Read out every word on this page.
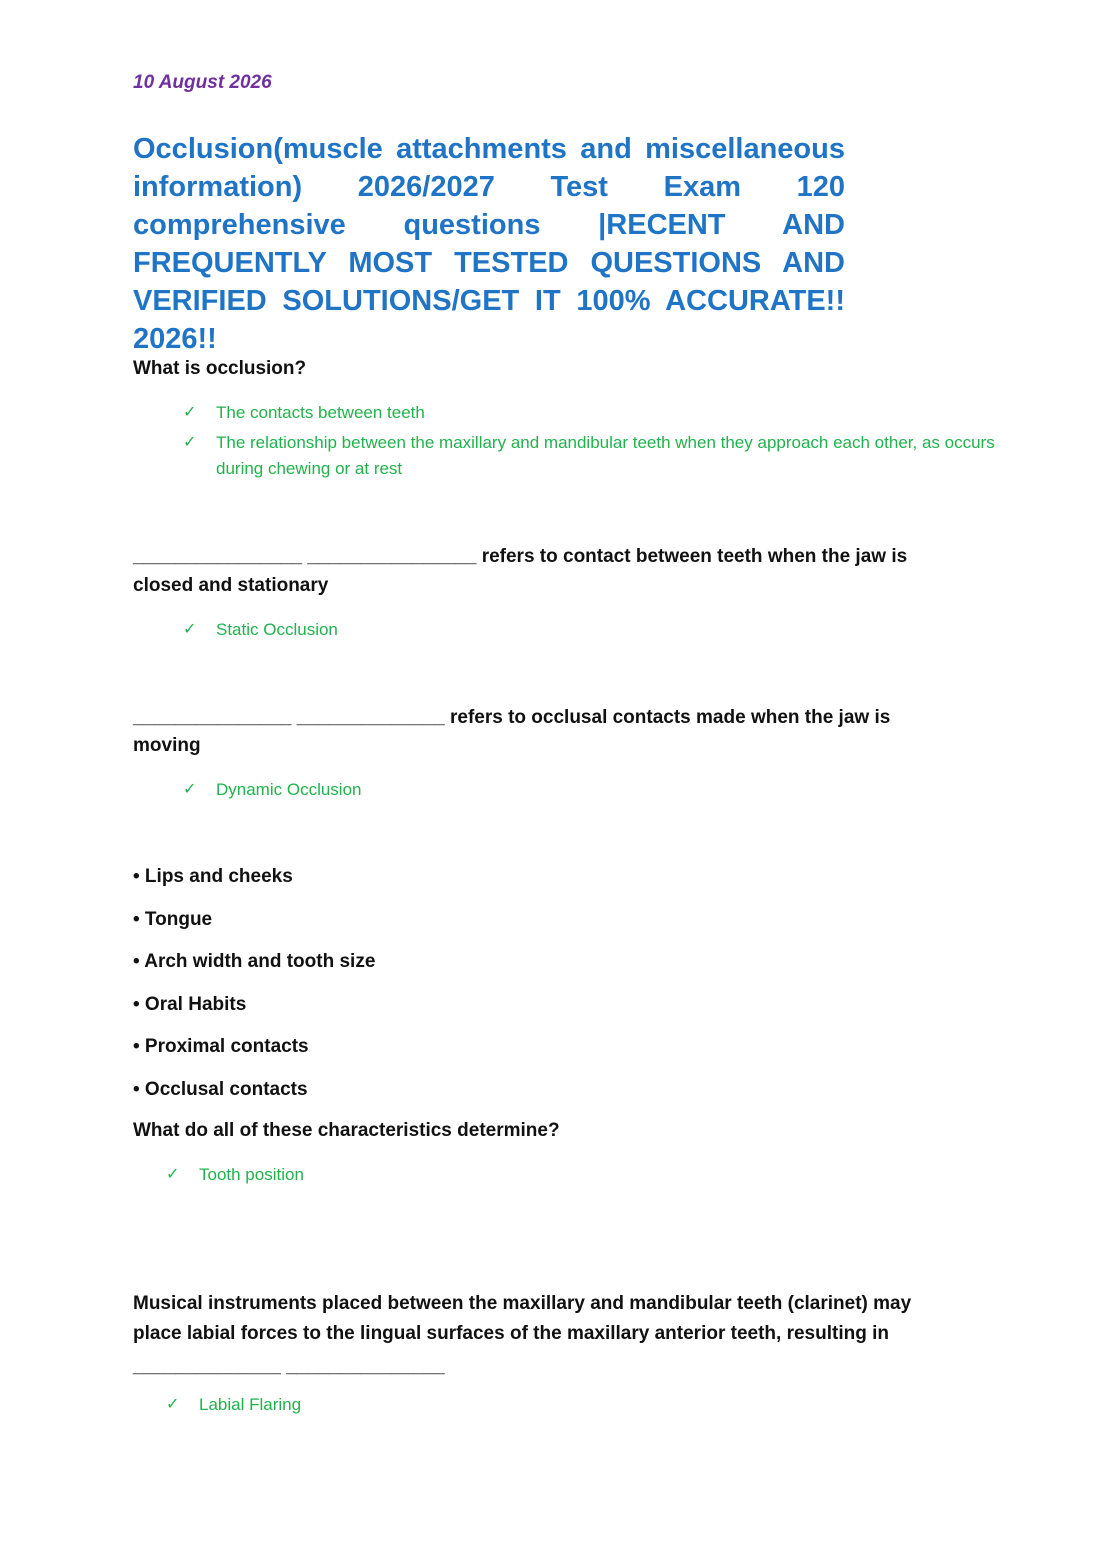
10 August 2026
Occlusion(muscle attachments and miscellaneous information) 2026/2027 Test Exam 120 comprehensive questions |RECENT AND FREQUENTLY MOST TESTED QUESTIONS AND VERIFIED SOLUTIONS/GET IT 100% ACCURATE!! 2026!!
What is occlusion?
✓	The contacts between teeth
✓	The relationship between the maxillary and mandibular teeth when they approach each other, as occurs during chewing or at rest
________________ ________________ refers to contact between teeth when the jaw is
closed and stationary
✓	Static Occlusion
_______________ ______________ refers to occlusal contacts made when the jaw is
moving
✓	Dynamic Occlusion
• Lips and cheeks
• Tongue
• Arch width and tooth size
• Oral Habits
• Proximal contacts
• Occlusal contacts
What do all of these characteristics determine?
✓	Tooth position
Musical instruments placed between the maxillary and mandibular teeth (clarinet) may
place labial forces to the lingual surfaces of the maxillary anterior teeth, resulting in
______________ _______________
✓	Labial Flaring
